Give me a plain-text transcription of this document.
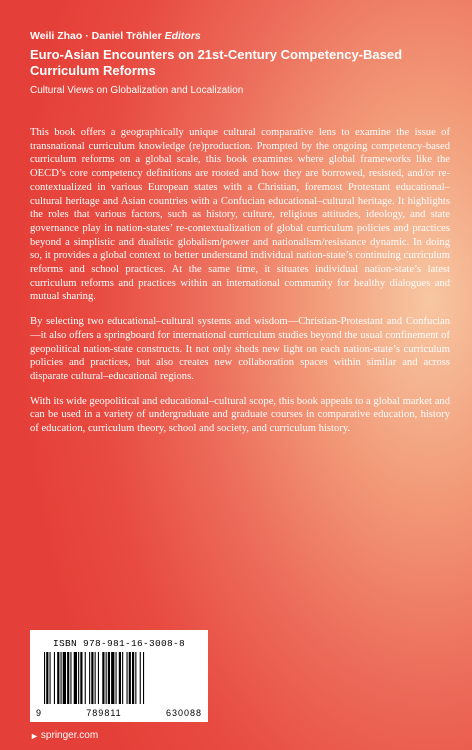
Weili Zhao · Daniel Tröhler Editors
Euro-Asian Encounters on 21st-Century Competency-Based
Curriculum Reforms
Cultural Views on Globalization and Localization

This book offers a geographically unique cultural comparative lens to examine the issue of transnational curriculum knowledge (re)production. Prompted by the ongoing competency-based curriculum reforms on a global scale, this book examines where global frameworks like the OECD’s core competency definitions are rooted and how they are borrowed, resisted, and/or re-contextualized in various European states with a Christian, foremost Protestant educational–cultural heritage and Asian countries with a Confucian educational–cultural heritage. It highlights the roles that various factors, such as history, culture, religious attitudes, ideology, and state governance play in nation-states’ re-contextualization of global curriculum policies and practices beyond a simplistic and dualistic globalism/power and nationalism/resistance dynamic. In doing so, it provides a global context to better understand individual nation-state’s continuing curriculum reforms and school practices. At the same time, it situates individual nation-state’s latest curriculum reforms and practices within an international community for healthy dialogues and mutual sharing.

By selecting two educational–cultural systems and wisdom—Christian-Protestant and Confucian—it also offers a springboard for international curriculum studies beyond the usual confinement of geopolitical nation-state constructs. It not only sheds new light on each nation-state’s curriculum policies and practices, but also creates new collaboration spaces within similar and across disparate cultural–educational regions.

With its wide geopolitical and educational–cultural scope, this book appeals to a global market and can be used in a variety of undergraduate and graduate courses in comparative education, history of education, curriculum theory, school and society, and curriculum history.

ISBN 978-981-16-3008-8
9	789811	630088
► springer.com
